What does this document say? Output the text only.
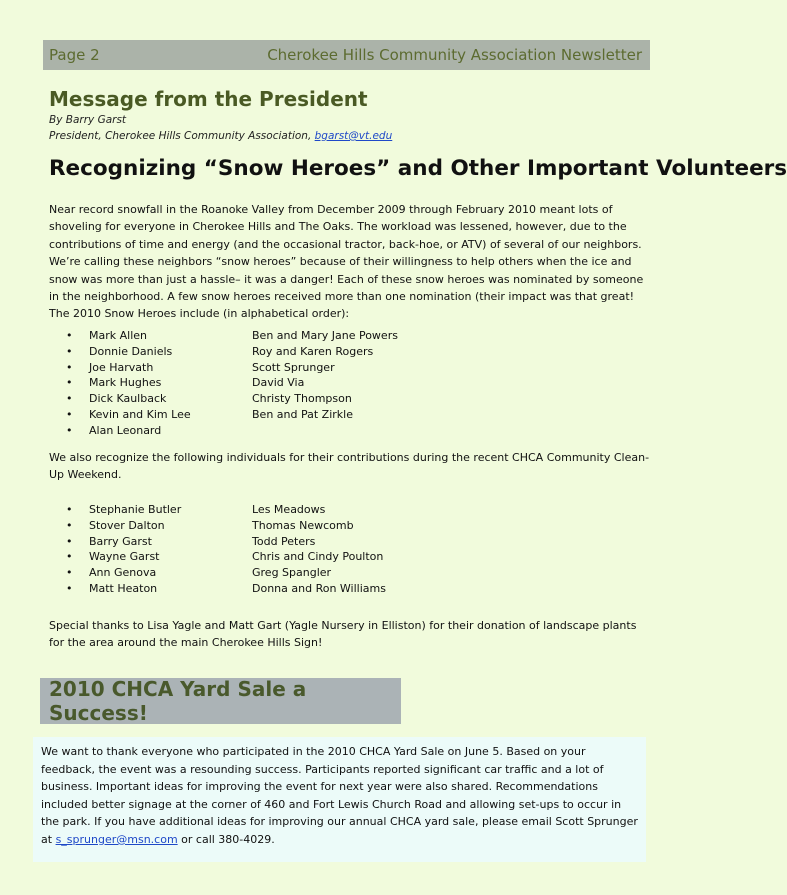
Page 2	Cherokee Hills Community Association Newsletter
Message from the President
By Barry Garst
President, Cherokee Hills Community Association, bgarst@vt.edu
Recognizing “Snow Heroes” and Other Important Volunteers

Near record snowfall in the Roanoke Valley from December 2009 through February 2010 meant lots of shoveling for everyone in Cherokee Hills and The Oaks. The workload was lessened, however, due to the contributions of time and energy (and the occasional tractor, back-hoe, or ATV) of several of our neighbors. We’re calling these neighbors “snow heroes” because of their willingness to help others when the ice and snow was more than just a hassle– it was a danger! Each of these snow heroes was nominated by someone in the neighborhood. A few snow heroes received more than one nomination (their impact was that great! The 2010 Snow Heroes include (in alphabetical order):

•	Mark Allen	Ben and Mary Jane Powers
•	Donnie Daniels	Roy and Karen Rogers
•	Joe Harvath	Scott Sprunger
•	Mark Hughes	David Via
•	Dick Kaulback	Christy Thompson
•	Kevin and Kim Lee	Ben and Pat Zirkle
•	Alan Leonard

We also recognize the following individuals for their contributions during the recent CHCA Community Clean-Up Weekend.

•	Stephanie Butler	Les Meadows
•	Stover Dalton	Thomas Newcomb
•	Barry Garst	Todd Peters
•	Wayne Garst	Chris and Cindy Poulton
•	Ann Genova	Greg Spangler
•	Matt Heaton	Donna and Ron Williams

Special thanks to Lisa Yagle and Matt Gart (Yagle Nursery in Elliston) for their donation of landscape plants for the area around the main Cherokee Hills Sign!

2010 CHCA Yard Sale a Success!

We want to thank everyone who participated in the 2010 CHCA Yard Sale on June 5. Based on your feedback, the event was a resounding success. Participants reported significant car traffic and a lot of business. Important ideas for improving the event for next year were also shared. Recommendations included better signage at the corner of 460 and Fort Lewis Church Road and allowing set-ups to occur in the park. If you have additional ideas for improving our annual CHCA yard sale, please email Scott Sprunger at s_sprunger@msn.com or call 380-4029.
